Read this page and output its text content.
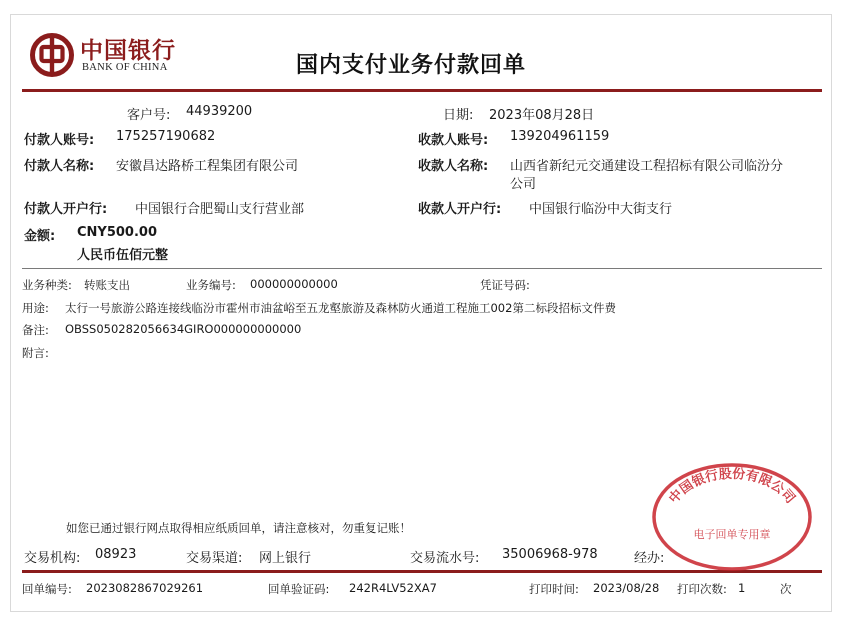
中国银行
BANK OF CHINA	国内支付业务付款回单
客户号: 44939200	日期: 2023年08月28日
付款人账号: 175257190682	收款人账号: 139204961159
付款人名称: 安徽昌达路桥工程集团有限公司	收款人名称: 山西省新纪元交通建设工程招标有限公司临汾分
公司
付款人开户行: 中国银行合肥蜀山支行营业部	收款人开户行: 中国银行临汾中大街支行
金额: CNY500.00
人民币伍佰元整
业务种类: 转账支出	业务编号: 000000000000	凭证号码:
用途: 太行一号旅游公路连接线临汾市霍州市油盆峪至五龙壑旅游及森林防火通道工程施工002第二标段招标文件费
备注: OBSS050282056634GIRO000000000000
附言:
如您已通过银行网点取得相应纸质回单，请注意核对，勿重复记账！
交易机构: 08923	交易渠道: 网上银行	交易流水号: 35006968-978	经办:
回单编号: 2023082867029261	回单验证码: 242R4LV52XA7	打印时间: 2023/08/28 打印次数: 1	次
中国银行股份有限公司
电子回单专用章
